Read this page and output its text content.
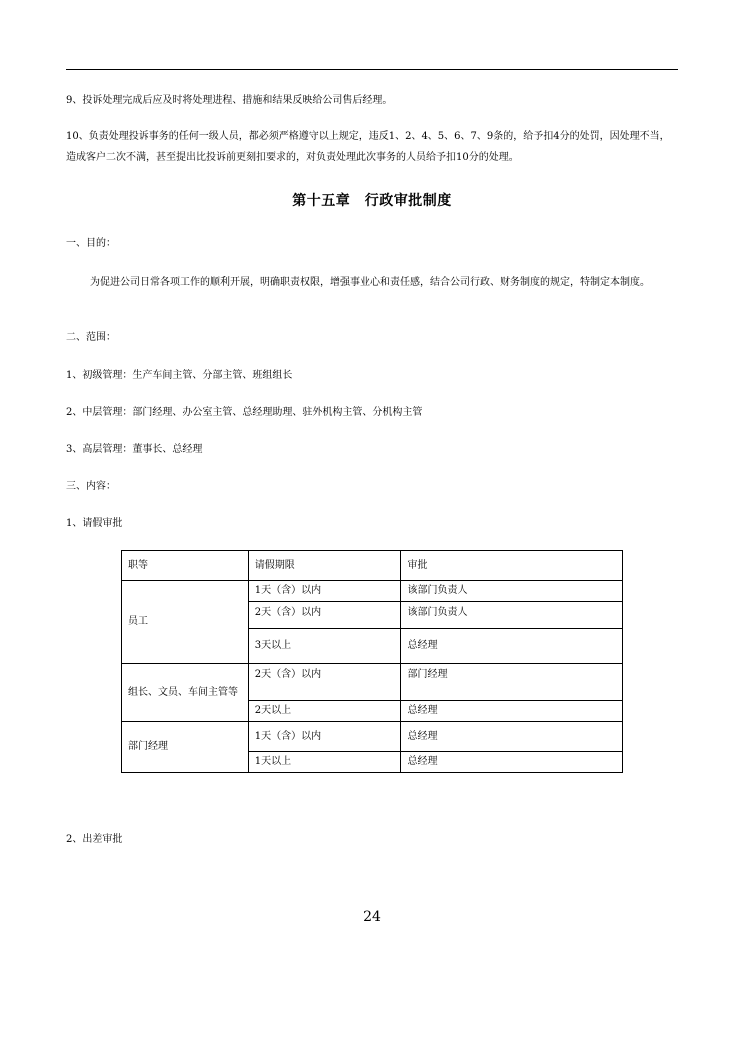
9、投诉处理完成后应及时将处理进程、措施和结果反映给公司售后经理。

10、负责处理投诉事务的任何一级人员，都必须严格遵守以上规定，违反1、2、4、5、6、7、9条的，给予扣4分的处罚，因处理不当，造成客户二次不满，甚至提出比投诉前更刻扣要求的，对负责处理此次事务的人员给予扣10分的处理。

第十五章　行政审批制度

一、目的：

为促进公司日常各项工作的顺利开展，明确职责权限，增强事业心和责任感，结合公司行政、财务制度的规定，特制定本制度。

二、范围：

1、初级管理：生产车间主管、分部主管、班组组长

2、中层管理：部门经理、办公室主管、总经理助理、驻外机构主管、分机构主管

3、高层管理：董事长、总经理

三、内容：

1、请假审批

职等	请假期限	审批
员工	1天（含）以内	该部门负责人
	2天（含）以内	该部门负责人
	3天以上	总经理
组长、文员、车间主管等	2天（含）以内	部门经理
	2天以上	总经理
部门经理	1天（含）以内	总经理
	1天以上	总经理

2、出差审批

24
